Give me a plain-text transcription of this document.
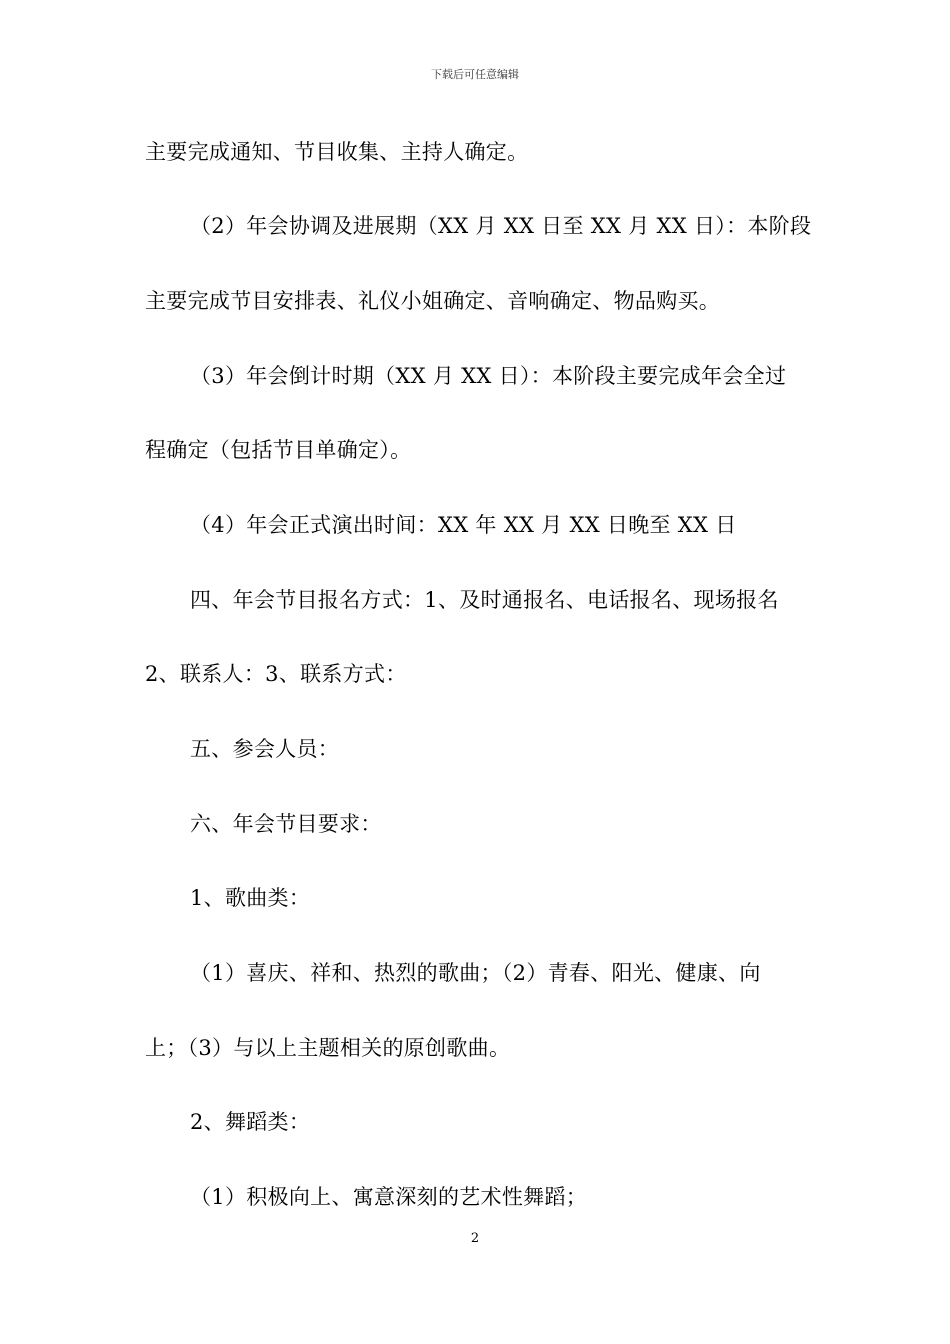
下载后可任意编辑
主要完成通知、节目收集、主持人确定。
（2）年会协调及进展期（XX 月 XX 日至 XX 月 XX 日）：本阶段
主要完成节目安排表、礼仪小姐确定、音响确定、物品购买。
（3）年会倒计时期（XX 月 XX 日）：本阶段主要完成年会全过
程确定（包括节目单确定）。
（4）年会正式演出时间：XX 年 XX 月 XX 日晚至 XX 日
四、年会节目报名方式：1、及时通报名、电话报名、现场报名
2、联系人：3、联系方式：
五、参会人员：
六、年会节目要求：
1、歌曲类：
（1）喜庆、祥和、热烈的歌曲；（2）青春、阳光、健康、向
上；（3）与以上主题相关的原创歌曲。
2、舞蹈类：
（1）积极向上、寓意深刻的艺术性舞蹈；
2
